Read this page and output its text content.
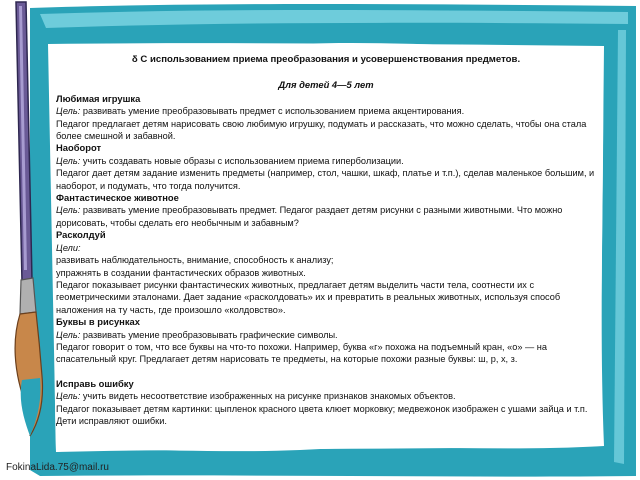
δ С использованием приема преобразования и усовершенствования предметов.
Для детей 4—5 лет
Любимая игрушка

Цель: развивать умение преобразовывать предмет с использованием приема акцентирования.

Педагог предлагает детям нарисовать свою любимую игрушку, подумать и рассказать, что можно сделать, чтобы она стала более смешной и забавной.

Наоборот

Цель: учить создавать новые образы с использованием приема гиперболизации.

Педагог дает детям задание изменить предметы (например, стол, чашки, шкаф, платье и т.п.), сделав маленькое большим, и наоборот, и подумать, что тогда получится.

Фантастическое животное

Цель: развивать умение преобразовывать предмет. Педагог раздает детям рисунки с разными животными. Что можно дорисовать, чтобы сделать его необычным и забавным?

Расколдуй

Цели:

развивать наблюдательность, внимание, способность к анализу;

упражнять в создании фантастических образов животных.

Педагог показывает рисунки фантастических животных, предлагает детям выделить части тела, соотнести их с геометрическими эталонами. Дает задание «расколдовать» их и превратить в реальных животных, используя способ наложения на ту часть, где произошло «колдовство».

Буквы в рисунках

Цель: развивать умение преобразовывать графические символы.

Педагог говорит о том, что все буквы на что-то похожи. Например, буква «г» похожа на подъемный кран, «о» — на спасательный круг. Предлагает детям нарисовать те предметы, на которые похожи разные буквы: ш, р, х, з.

Исправь ошибку

Цель: учить видеть несоответствие изображенных на рисунке признаков знакомых объектов.

Педагог показывает детям картинки: цыпленок красного цвета клюет морковку; медвежонок изображен с ушами зайца и т.п. Дети исправляют ошибки.

FokinaLida.75@mail.ru
